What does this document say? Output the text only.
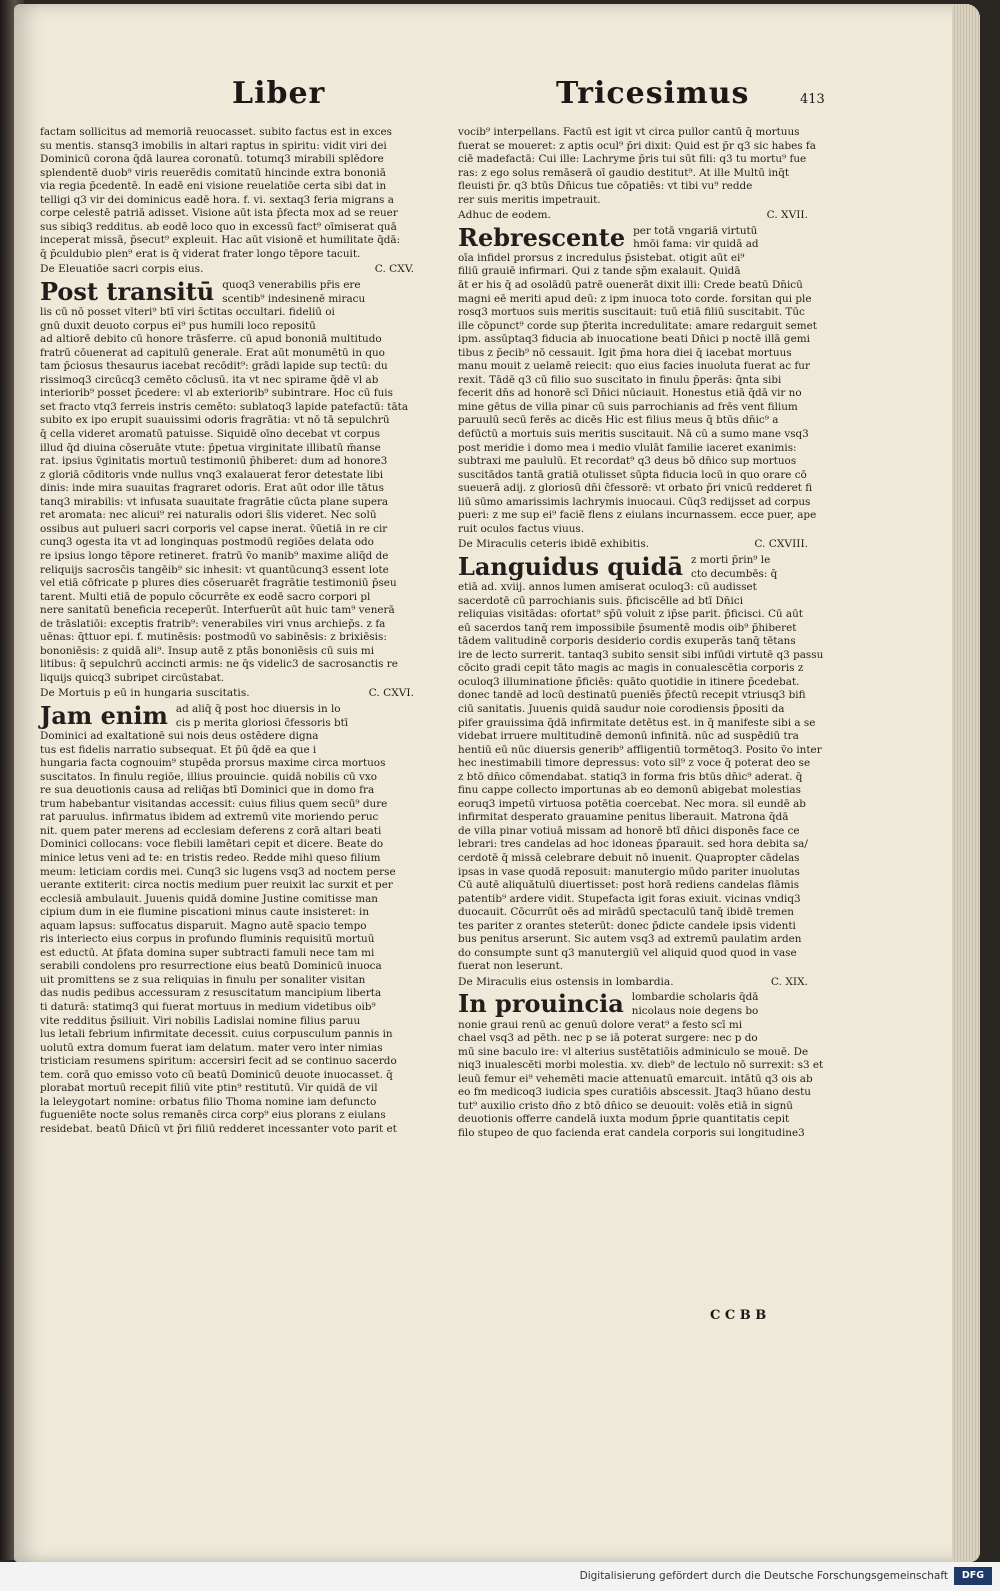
Liber	Tricesimus	413
factam sollicitus ad memoriā reuocasset. subito factus est in exces
su mentis. stansq3 imobilis in altari raptus in spiritu: vidit viri dei
Dominicū corona q̄dā laurea coronatū. totumq3 mirabili splēdore
splendentē duob⁹ viris reuerēdis comitatū hincinde extra bononiā
via regia p̄cedentē. In eadē eni visione reuelatiōe certa sibi dat in
telligi q3 vir dei dominicus eadē hora. f. vi. sextaq3 feria migrans a
corpe celestē patriā adisset. Visione aūt ista p̄fecta mox ad se reuer
sus sibiq3 redditus. ab eodē loco quo in excessū fact⁹ oīmiserat quā
inceperat missā, p̄secut⁹ expleuit. Hac aūt visionē et humilitate q̄dā:
q̄ p̄culdubio plen⁹ erat is q̄ viderat frater longo tēpore tacuit.
De Eleuatiōe sacri corpis eius.	C. CXV.
Post transitū quoq3 venerabilis pr̄is ere
scentib⁹ indesinenē miracu
lis cū nō posset vlteri⁹ btī viri s̄ctitas occultari. fideliū oi
gnū duxit deuoto corpus ei⁹ pus humili loco repositū
ad altiorē debito cū honore trāsferre. cū apud bononiā multitudo
fratrū cōuenerat ad capitulū generale. Erat aūt monumētū in quo
tam p̄ciosus thesaurus iacebat recōdit⁹: grādi lapide sup tectū: du
rissimoq3 circūcq3 cemēto cōclusū. ita vt nec spirame q̄dē vl ab
interiorib⁹ posset p̄cedere: vl ab exteriorib⁹ subintrare. Hoc cū fuis
set fracto vtq3 ferreis instris cemēto: sublatoq3 lapide patefactū: tāta
subito ex ipo erupit suauissimi odoris fragrātia: vt nō tā sepulchrū
q̄ cella videret aromatū patuisse. Siquidē oīno decebat vt corpus
illud q̄d diuina cōseruāte vtute: p̄petua virginitate illibatū m̄anse
rat. ipsius v̄ginitatis mortuū testimoniū p̄hiberet: dum ad honore3
z gloriā cōditoris vnde nullus vnq3 exalauerat feror detestate libi
dinis: inde mira suauitas fragraret odoris. Erat aūt odor ille tātus
tanq3 mirabilis: vt infusata suauitate fragrātie cūcta plane supera
ret aromata: nec alicui⁹ rei naturalis odori s̄lis videret. Nec solū
ossibus aut pulueri sacri corporis vel capse inerat. v̄ūetiā in re cir
cunq3 ogesta ita vt ad longinquas postmodū regiōes delata odo
re ipsius longo tēpore retineret. fratrū v̄o manib⁹ maxime aliq̄d de
reliquijs sacrosc̄is tangēib⁹ sic inhesit: vt quantūcunq3 essent lote
vel etiā cōfricate p plures dies cōseruarēt fragrātie testimoniū p̄seu
tarent. Multi etiā de populo cōcurrēte ex eodē sacro corpori pl
nere sanitatū beneficia receperūt. Interfuerūt aūt huic tam⁹ venerā
de trāslatiōi: exceptis fratrib⁹: venerabiles viri vnus archiep̄s. z fa
uēnas: q̄ttuor epi. f. mutinēsis: postmodū vo sabinēsis: z brixiēsis:
bononiēsis: z quidā ali⁹. Insup autē z ptās bononiēsis cū suis mi
litibus: q̄ sepulchrū accincti armis: ne q̄s videlic3 de sacrosanctis re
liquijs quicq3 subripet circūstabat.
De Mortuis p eū in hungaria suscitatis.	C. CXVI.
Jam enim ad aliq̄ q̄ post hoc diuersis in lo
cis p merita gloriosi c̄fessoris btī
Dominici ad exaltationē sui nois deus ostēdere digna
tus est fidelis narratio subsequat. Et p̄ū q̄dē ea que i
hungaria facta cognouim⁹ stupēda prorsus maxime circa mortuos
suscitatos. In finulu regiōe, illius prouincie. quidā nobilis cū vxo
re sua deuotionis causa ad reliq̄as btī Dominici que in domo fra
trum habebantur visitandas accessit: cuius filius quem secū⁹ dure
rat paruulus. infirmatus ibidem ad extremū vite moriendo peruc
nit. quem pater merens ad ecclesiam deferens z corā altari beati
Dominici collocans: voce flebili lamētari cepit et dicere. Beate do
minice letus veni ad te: en tristis redeo. Redde mihi queso filium
meum: leticiam cordis mei. Cunq3 sic lugens vsq3 ad noctem perse
uerante extiterit: circa noctis medium puer reuixit lac surxit et per
ecclesiā ambulauit. Juuenis quidā domine Justine comitisse man
cipium dum in eie flumine piscationi minus caute insisteret: in
aquam lapsus: suffocatus disparuit. Magno autē spacio tempo
ris interiecto eius corpus in profundo fluminis requisitū mortuū
est eductū. At p̄fata domina super subtracti famuli nece tam mi
serabili condolens pro resurrectione eius beatū Dominicū inuoca
uit promittens se z sua reliquias in finulu per sonaliter visitan
das nudis pedibus accessuram z resuscitatum mancipium liberta
ti daturā: statimq3 qui fuerat mortuus in medium videtibus oib⁹
vite redditus p̄siliuit. Viri nobilis Ladislai nomine filius paruu
lus letali febrium infirmitate decessit. cuius corpusculum pannis in
uolutū extra domum fuerat iam delatum. mater vero inter nimias
tristiciam resumens spiritum: accersiri fecit ad se continuo sacerdo
tem. corā quo emisso voto cū beatū Dominicū deuote inuocasset. q̄
plorabat mortuū recepit filiū vite ptin⁹ restitutū. Vir quidā de vil
la leleygotart nomine: orbatus filio Thoma nomine iam defuncto
fugueniēte nocte solus remanēs circa corp⁹ eius plorans z eiulans
residebat. beatū Dn̄icū vt p̄ri filiū redderet incessanter voto parit et
vocib⁹ interpellans. Factū est igit vt circa pullor cantū q̄ mortuus
fuerat se moueret: z aptis ocul⁹ p̄ri dixit: Quid est p̄r q3 sic habes fa
ciē madefactā: Cui ille: Lachryme p̄ris tui sūt fili: q3 tu mortu⁹ fue
ras: z ego solus remāserā oī gaudio destitut⁹. At ille Multū inq̄t
fleuisti p̄r. q3 btūs Dn̄icus tue cōpatiēs: vt tibi vu⁹ redde
rer suis meritis impetrauit.
Adhuc de eodem.	C. XVII.
Rebrescente per totā vngariā virtutū
hmōi fama: vir quidā ad
oīa infidel prorsus z incredulus p̄sistebat. otigit aūt ei⁹
filiū grauiē infirmari. Qui z tande sp̄m exalauit. Quidā
āt er his q̄ ad osolādū patrē ouenerāt dixit illi: Crede beatū Dn̄icū
magni eē meriti apud deū: z ipm inuoca toto corde. forsitan qui ple
rosq3 mortuos suis meritis suscitauit: tuū etiā filiū suscitabit. Tūc
ille cōpunct⁹ corde sup p̄terita incredulitate: amare redarguit semet
ipm. assūptaq3 fiducia ab inuocatione beati Dn̄ici p noctē illā gemi
tibus z p̄ecib⁹ nō cessauit. Igit p̄ma hora diei q̄ iacebat mortuus
manu mouit z uelamē reiecit: quo eius facies inuoluta fuerat ac fur
rexit. Tādē q3 cū filio suo suscitato in finulu p̄perās: q̄nta sibi
fecerit dn̄s ad honorē scī Dn̄ici nūciauit. Honestus etiā q̄dā vir no
mine gētus de villa pinar cū suis parrochianis ad frēs vent filium
paruulū secū ferēs ac dicēs Hic est filius meus q̄ btūs dn̄ic⁹ a
defūctū a mortuis suis meritis suscitauit. Nā cū a sumo mane vsq3
post meridie i domo mea i medio vlulāt familie iaceret exanimis:
subtraxi me paululū. Et recordat⁹ q3 deus b̄ō dn̄ico sup mortuos
suscitādos tantā gratiā otulisset sūpta fiducia locū in quo orare cō
sueuerā adij. z gloriosū dn̄i c̄fessorē: vt orbato p̄ri vnicū redderet fi
liū sūmo amarissimis lachrymis inuocaui. Cūq3 redijsset ad corpus
pueri: z me sup ei⁹ faciē flens z eiulans incurnassem. ecce puer, ape
ruit oculos factus viuus.
De Miraculis ceteris ibidē exhibitis.	C. CXVIII.
Languidus quidā z morti p̄rin⁹ le
cto decumbēs: q̄
etiā ad. xviij. annos lumen amiserat oculoq3: cū audisset
sacerdotē cū parrochianis suis. p̄ficiscēlle ad btī Dn̄ici
reliquias visitādas: ofortat⁹ sp̄ū voluit z ip̄se parit. p̄ficisci. Cū aūt
eū sacerdos tanq̄ rem impossibile p̄sumentē modis oib⁹ p̄hiberet
tādem valitudinē corporis desiderio cordis exuperās tanq̄ tētans
ire de lecto surrerit. tantaq3 subito sensit sibi infūdi virtutē q3 passu
cōcito gradi cepit tāto magis ac magis in conualescētia corporis z
oculoq3 illuminatione p̄ficiēs: quāto quotidie in itinere p̄cedebat.
donec tandē ad locū destinatū pueniēs p̄fectū recepit vtriusq3 b̄ifi
ciū sanitatis. Juuenis quidā saudur noie corodiensis p̄positi da
pifer grauissima q̄dā infirmitate detētus est. in q̄ manifeste sibi a se
videbat irruere multitudinē demonū infinitā. nūc ad suspēdiū tra
hentiū eū nūc diuersis generib⁹ affligentiū tormētoq3. Posito v̄o inter
hec inestimabili timore depressus: voto sil⁹ z voce q̄ poterat deo se
z btō dn̄ico cōmendabat. statiq3 in forma fris btūs dn̄ic⁹ aderat. q̄
finu cappe collecto importunas ab eo demonū abigebat molestias
eoruq3 impetū virtuosa potētia coercebat. Nec mora. sil eundē ab
infirmitat desperato grauamine penitus liberauit. Matrona q̄dā
de villa pinar votiuā missam ad honorē btī dn̄ici disponēs face ce
lebrari: tres candelas ad hoc idoneas p̄parauit. sed hora debita sa/
cerdotē q̄ missā celebrare debuit nō inuenit. Quapropter cādelas
ipsas in vase quodā reposuit: manutergio mūdo pariter inuolutas
Cū autē aliquātulū diuertisset: post horā rediens candelas flāmis
patentib⁹ ardere vidit. Stupefacta igit foras exiuit. vicinas vndiq3
duocauit. Cōcurrūt oēs ad mirādū spectaculū tanq̄ ibidē tremen
tes pariter z orantes steterūt: donec p̄dicte candele ipsis videnti
bus penitus arserunt. Sic autem vsq3 ad extremū paulatim arden
do consumpte sunt q3 manutergiū vel aliquid quod quod in vase
fuerat non leserunt.
De Miraculis eius ostensis in lombardia.	C. XIX.
In prouincia lombardie scholaris q̄dā
nicolaus noie degens bo
nonie graui renū ac genuū dolore verat⁹ a festo scī mi
chael vsq3 ad pēth. nec p se iā poterat surgere: nec p do
mū sine baculo ire: vl alterius sustētatiōis adminiculo se mouē. De
niq3 inualescēti morbi molestia. xv. dieb⁹ de lectulo nō surrexit: s3 et
leuū femur ei⁹ vehemēti macie attenuatū emarcuit. intātū q3 ois ab
eo fm medicoq3 iudicia spes curatiōis abscessit. Jtaq3 hūano destu
tut⁹ auxilio cristo dn̄o z btō dn̄ico se deuouit: volēs etiā in signū
deuotionis offerre candelā iuxta modum p̄prie quantitatis cepit
filo stupeo de quo facienda erat candela corporis sui longitudine3
C C B B
Digitalisierung gefördert durch die Deutsche Forschungsgemeinschaft	DFG
